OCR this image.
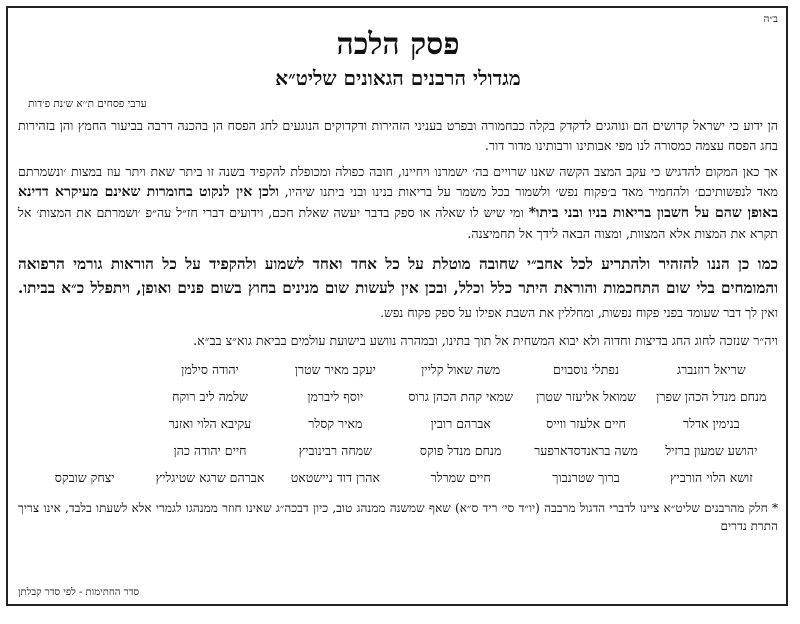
ב״ה
פסק הלכה
מגדולי הרבנים הגאונים שליט״א
ערבי פסחים ת׳׳א ש׳נת פ׳דות

הן ידוע כי ישראל קדושים הם ונוהגים לדקדק בקלה כבחמורה ובפרט בעניני הזהירות ודקדוקים הנוגעים לחג הפסח הן בהכנה דרבה בביעור החמץ והן בזהירות בחג הפסח עצמה כמסורה לנו מפי אבותינו ורבותינו מדור דור.

אך כאן המקום להדגיש כי עקב המצב הקשה שאנו שרויים בה׳ ישמרנו ויחיינו, חובה כפולה ומכופלת להקפיד בשנה זו ביתר שאת ויתר עוז במצות ׳ונשמרתם מאד לנפשותיכם׳ ולהחמיר מאד ב׳פקוח נפש׳ ולשמור בכל משמר על בריאות בנינו ובני ביתנו שיהיו, ולכן אין לנקוט בחומרות שאינם מעיקרא דדינא באופן שהם על חשבון בריאות בניו ובני ביתו* ומי שיש לו שאלה או ספק בדבר יעשה שאלת חכם, וידועים דברי חז״ל עה״פ ׳ושמרתם את המצות׳ אל תקרא את המצות אלא המצוות, ומצוה הבאה לידך אל תחמיצנה.

כמו כן הננו להזהיר ולהתריע לכל אחב״י שחובה מוטלת על כל אחד ואחד לשמוע ולהקפיד על כל הוראות גורמי הרפואה והמומחים בלי שום התחכמות והוראת היתר כלל וכלל, ובכן אין לעשות שום מנינים בחוץ בשום פנים ואופן, ויתפלל כ״א בביתו. ואין לך דבר שעומד בפני פקוח נפשות, ומחללין את השבת אפילו על ספק פקוח נפש.

ויה״ר שנזכה לחוג החג בדיצות וחדוה ולא יבוא המשחית אל תוך בתינו, ובמהרה נוושע בישועת עולמים בביאת גוא״צ בב״א.

שריאל רוזנברג
נפתלי נוסבוים
משה שאול קליין
יעקב מאיר שטרן
יהודה סילמן
מנחם מנדל הכהן שפרן
שמואל אליעזר שטרן
שמאי קהת הכהן גרוס
יוסף ליברמן
שלמה ליב רוקח
בנימין אדלר
חיים אלעזר ווייס
אברהם רובין
מאיר קסלר
עקיבא הלוי ואזנר
יהושע שמעון ברזיל
משה בראנדסדארפער
מנחם מנדל פוקס
שמחה רבינוביץ
חיים יהודה כהן
זושא הלוי הורביץ
ברוך שטרנבוך
חיים שמרלר
אהרן דוד ניישטאט
אברהם שרגא שטיגליץ
יצחק שובקס

* חלק מהרבנים שליט״א ציינו לדברי הדגול מרבבה (יו״ד סי׳ ריד ס״א) שאף שמשנה ממנהג טוב, כיון דבכה״ג שאינו חוזר ממנהגו לגמרי אלא לשעתו בלבד, אינו צריך התרת נדרים

סדר החתימות - לפי סדר קבלתן
